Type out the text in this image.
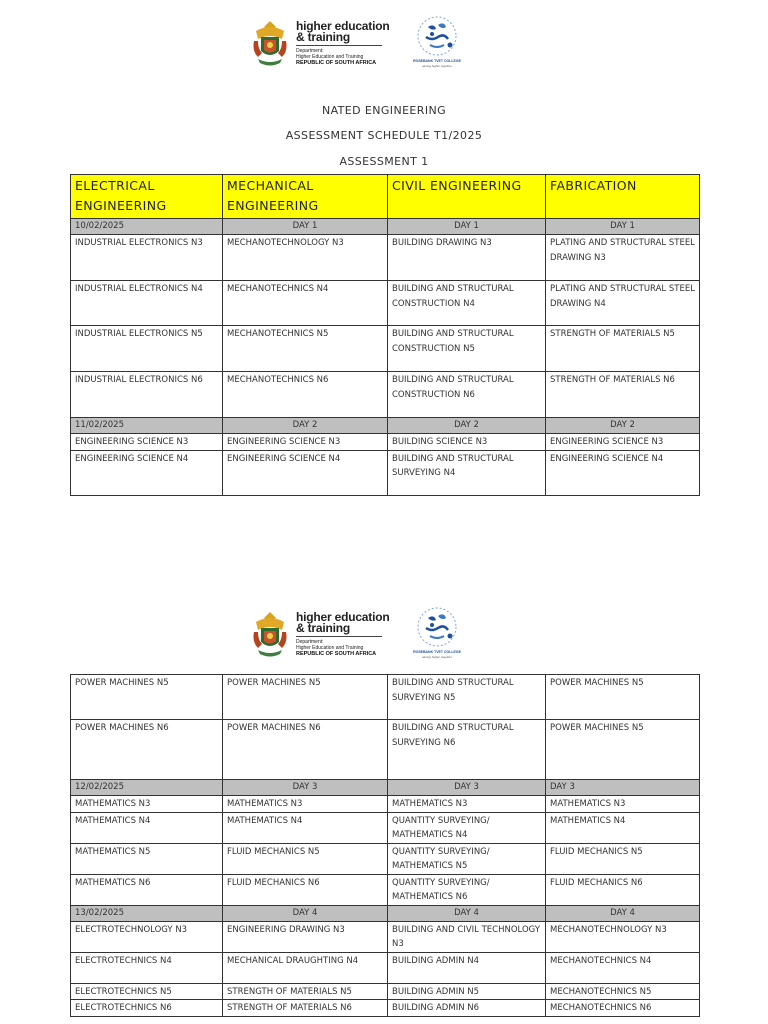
higher education
& training
Department:
Higher Education and Training
REPUBLIC OF SOUTH AFRICA	ROSEBANK TVET COLLEGE
aiming higher together
NATED ENGINEERING
ASSESSMENT SCHEDULE T1/2025
ASSESSMENT 1
ELECTRICAL ENGINEERING	MECHANICAL ENGINEERING	CIVIL ENGINEERING	FABRICATION
10/02/2025	DAY 1	DAY 1	DAY 1
INDUSTRIAL ELECTRONICS N3	MECHANOTECHNOLOGY N3	BUILDING DRAWING N3	PLATING AND STRUCTURAL STEEL DRAWING N3
INDUSTRIAL ELECTRONICS N4	MECHANOTECHNICS N4	BUILDING AND STRUCTURAL CONSTRUCTION N4	PLATING AND STRUCTURAL STEEL DRAWING N4
INDUSTRIAL ELECTRONICS N5	MECHANOTECHNICS N5	BUILDING AND STRUCTURAL CONSTRUCTION N5	STRENGTH OF MATERIALS N5
INDUSTRIAL ELECTRONICS N6	MECHANOTECHNICS N6	BUILDING AND STRUCTURAL CONSTRUCTION N6	STRENGTH OF MATERIALS N6
11/02/2025	DAY 2	DAY 2	DAY 2
ENGINEERING SCIENCE N3	ENGINEERING SCIENCE N3	BUILDING SCIENCE N3	ENGINEERING SCIENCE N3
ENGINEERING SCIENCE N4	ENGINEERING SCIENCE N4	BUILDING AND STRUCTURAL SURVEYING N4	ENGINEERING SCIENCE N4
higher education
& training
Department:
Higher Education and Training
REPUBLIC OF SOUTH AFRICA	ROSEBANK TVET COLLEGE
aiming higher together
POWER MACHINES N5	POWER MACHINES N5	BUILDING AND STRUCTURAL SURVEYING N5	POWER MACHINES N5
POWER MACHINES N6	POWER MACHINES N6	BUILDING AND STRUCTURAL SURVEYING N6	POWER MACHINES N5
12/02/2025	DAY 3	DAY 3	DAY 3
MATHEMATICS N3	MATHEMATICS N3	MATHEMATICS N3	MATHEMATICS N3
MATHEMATICS N4	MATHEMATICS N4	QUANTITY SURVEYING/ MATHEMATICS N4	MATHEMATICS N4
MATHEMATICS N5	FLUID MECHANICS N5	QUANTITY SURVEYING/ MATHEMATICS N5	FLUID MECHANICS N5
MATHEMATICS N6	FLUID MECHANICS N6	QUANTITY SURVEYING/ MATHEMATICS N6	FLUID MECHANICS N6
13/02/2025	DAY 4	DAY 4	DAY 4
ELECTROTECHNOLOGY N3	ENGINEERING DRAWING N3	BUILDING AND CIVIL TECHNOLOGY N3	MECHANOTECHNOLOGY N3
ELECTROTECHNICS N4	MECHANICAL DRAUGHTING N4	BUILDING ADMIN N4	MECHANOTECHNICS N4
ELECTROTECHNICS N5	STRENGTH OF MATERIALS N5	BUILDING ADMIN N5	MECHANOTECHNICS N5
ELECTROTECHNICS N6	STRENGTH OF MATERIALS N6	BUILDING ADMIN N6	MECHANOTECHNICS N6
